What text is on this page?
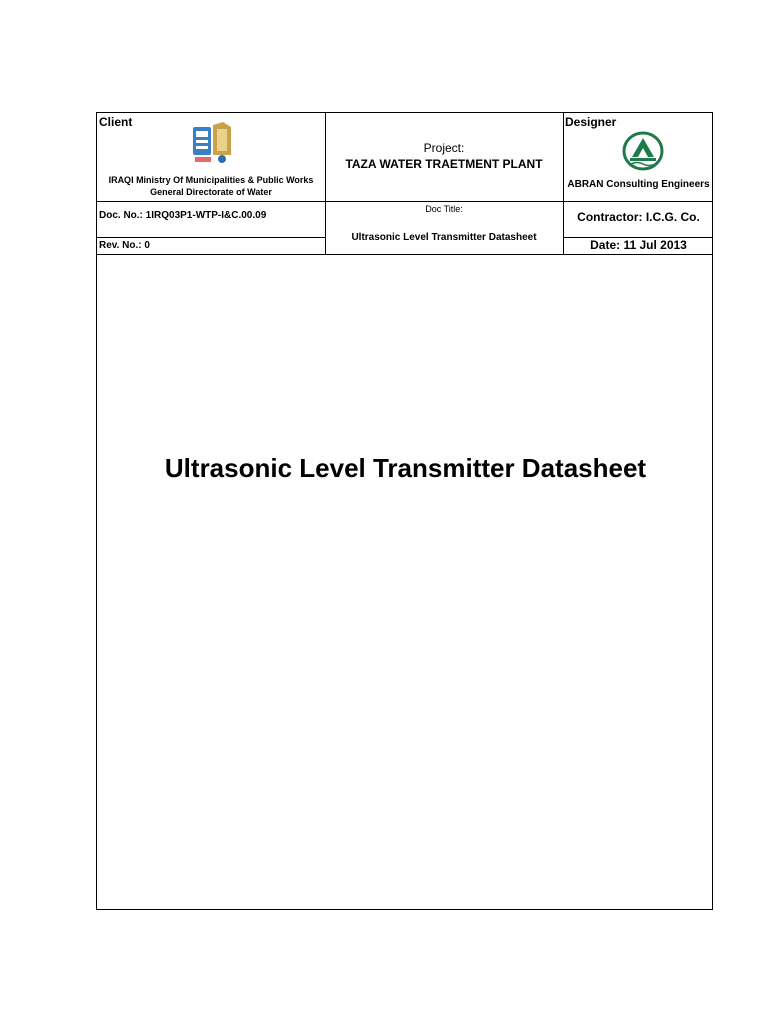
Client
IRAQI Ministry Of Municipalities & Public Works
General Directorate of Water
Project:
TAZA WATER TRAETMENT PLANT
Designer
ABRAN Consulting Engineers
Doc. No.: 1IRQ03P1-WTP-I&C.00.09
Rev. No.: 0
Doc Title:
Ultrasonic Level Transmitter Datasheet
Contractor: I.C.G. Co.
Date: 11 Jul 2013
Ultrasonic Level Transmitter Datasheet
